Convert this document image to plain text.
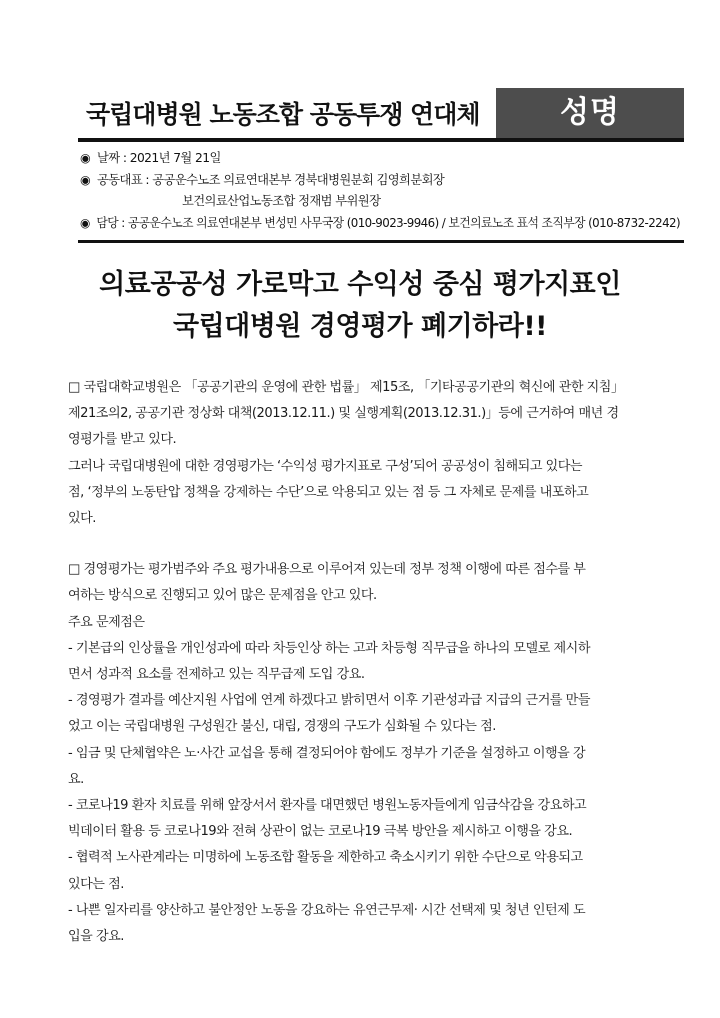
국립대병원 노동조합 공동투쟁 연대체	성명
◉ 날짜 : 2021년 7월 21일
◉ 공동대표 : 공공운수노조 의료연대본부 경북대병원분회 김영희분회장
보건의료산업노동조합 정재범 부위원장
◉ 담당 : 공공운수노조 의료연대본부 변성민 사무국장 (010-9023-9946) / 보건의료노조 표석 조직부장 (010-8732-2242)
의료공공성 가로막고 수익성 중심 평가지표인
국립대병원 경영평가 폐기하라!!
□ 국립대학교병원은 「공공기관의 운영에 관한 법률」 제15조, 「기타공공기관의 혁신에 관한 지침」
제21조의2, 공공기관 정상화 대책(2013.12.11.) 및 실행계획(2013.12.31.)」등에 근거하여 매년 경
영평가를 받고 있다.
그러나 국립대병원에 대한 경영평가는 ‘수익성 평가지표로 구성’되어 공공성이 침해되고 있다는
점, ‘정부의 노동탄압 정책을 강제하는 수단’으로 악용되고 있는 점 등 그 자체로 문제를 내포하고
있다.
□ 경영평가는 평가범주와 주요 평가내용으로 이루어져 있는데 정부 정책 이행에 따른 점수를 부
여하는 방식으로 진행되고 있어 많은 문제점을 안고 있다.
주요 문제점은
- 기본급의 인상률을 개인성과에 따라 차등인상 하는 고과 차등형 직무급을 하나의 모델로 제시하
면서 성과적 요소를 전제하고 있는 직무급제 도입 강요.
- 경영평가 결과를 예산지원 사업에 연계 하겠다고 밝히면서 이후 기관성과급 지급의 근거를 만들
었고 이는 국립대병원 구성원간 불신, 대립, 경쟁의 구도가 심화될 수 있다는 점.
- 임금 및 단체협약은 노·사간 교섭을 통해 결정되어야 함에도 정부가 기준을 설정하고 이행을 강
요.
- 코로나19 환자 치료를 위해 앞장서서 환자를 대면했던 병원노동자들에게 임금삭감을 강요하고
빅데이터 활용 등 코로나19와 전혀 상관이 없는 코로나19 극복 방안을 제시하고 이행을 강요.
- 협력적 노사관계라는 미명하에 노동조합 활동을 제한하고 축소시키기 위한 수단으로 악용되고
있다는 점.
- 나쁜 일자리를 양산하고 불안정안 노동을 강요하는 유연근무제· 시간 선택제 및 청년 인턴제 도
입을 강요.
